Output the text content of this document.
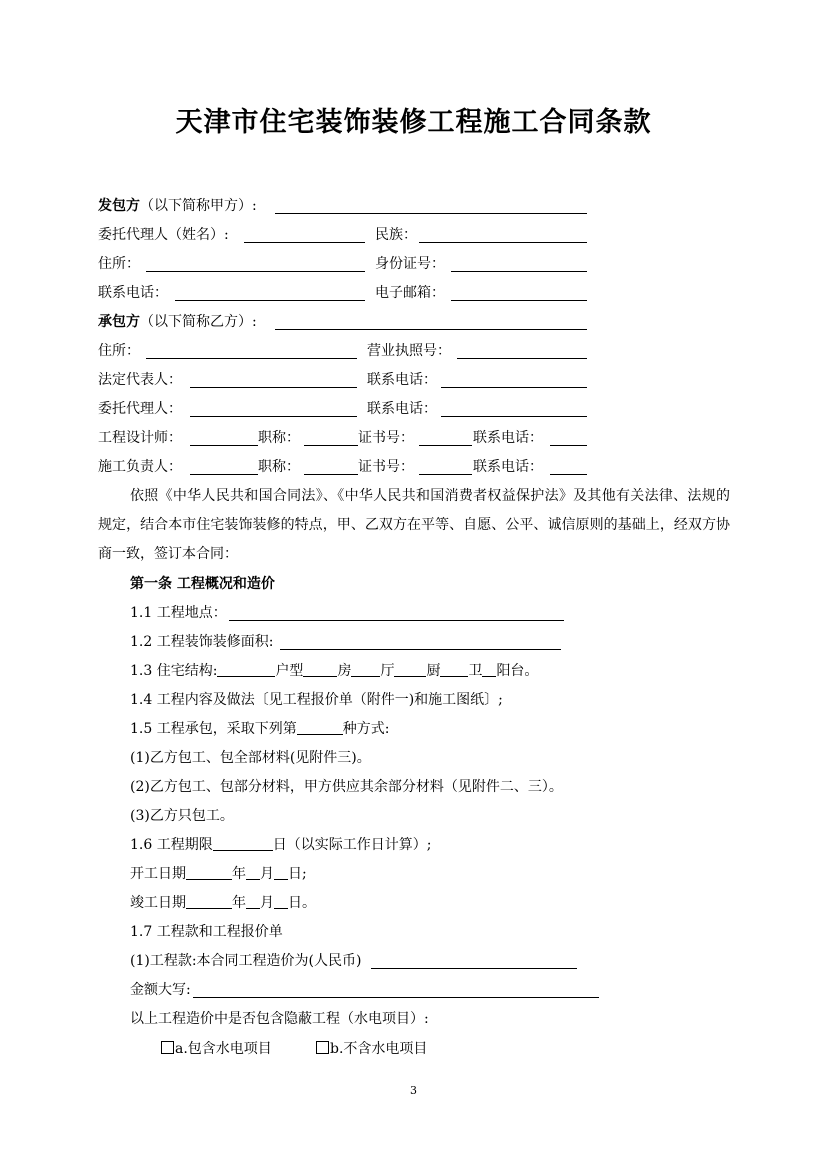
天津市住宅装饰装修工程施工合同条款
发包方（以下简称甲方）:
委托代理人（姓名）:	民族：
住所：	身份证号：
联系电话：	电子邮箱：
承包方（以下简称乙方）:
住所：	营业执照号：
法定代表人：	联系电话：
委托代理人：	联系电话：
工程设计师：	职称：	证书号：	联系电话：
施工负责人：	职称：	证书号：	联系电话：
依照《中华人民共和国合同法》、《中华人民共和国消费者权益保护法》及其他有关法律、法规的规定，结合本市住宅装饰装修的特点，甲、乙双方在平等、自愿、公平、诚信原则的基础上，经双方协商一致，签订本合同：
第一条 工程概况和造价
1.1 工程地点：
1.2 工程装饰装修面积:
1.3 住宅结构:	户型 房 厅 厨 卫 阳台。
1.4 工程内容及做法〔见工程报价单（附件一)和施工图纸〕;
1.5 工程承包，采取下列第	种方式:
(1)乙方包工、包全部材料(见附件三)。
(2)乙方包工、包部分材料，甲方供应其余部分材料（见附件二、三）。
(3)乙方只包工。
1.6 工程期限	日（以实际工作日计算）;
开工日期	年 月 日;
竣工日期	年 月 日。
1.7 工程款和工程报价单
(1)工程款:本合同工程造价为(人民币)
金额大写:
以上工程造价中是否包含隐蔽工程（水电项目）:
a.包含水电项目	b.不含水电项目
3
